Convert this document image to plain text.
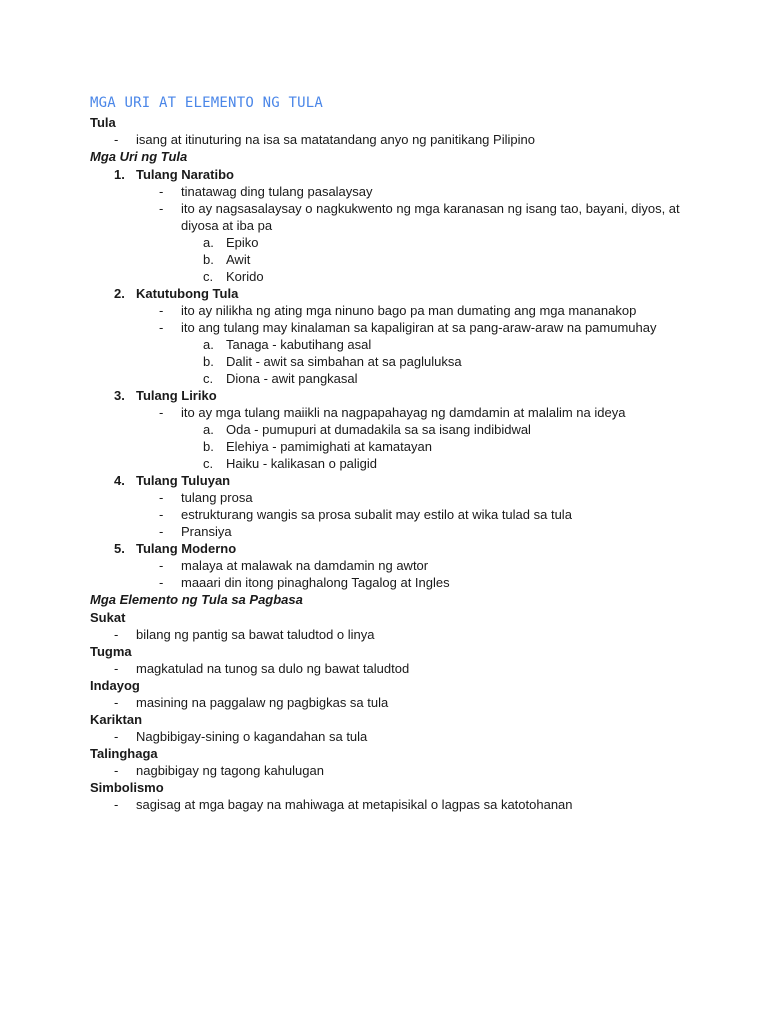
MGA URI AT ELEMENTO NG TULA
Tula
- isang at itinuturing na isa sa matatandang anyo ng panitikang Pilipino
Mga Uri ng Tula
1. Tulang Naratibo
- tinatawag ding tulang pasalaysay
- ito ay nagsasalaysay o nagkukwento ng mga karanasan ng isang tao, bayani, diyos, at
diyosa at iba pa
a. Epiko
b. Awit
c. Korido
2. Katutubong Tula
- ito ay nilikha ng ating mga ninuno bago pa man dumating ang mga mananakop
- ito ang tulang may kinalaman sa kapaligiran at sa pang-araw-araw na pamumuhay
a. Tanaga - kabutihang asal
b. Dalit - awit sa simbahan at sa pagluluksa
c. Diona - awit pangkasal
3. Tulang Liriko
- ito ay mga tulang maiikli na nagpapahayag ng damdamin at malalim na ideya
a. Oda - pumupuri at dumadakila sa sa isang indibidwal
b. Elehiya - pamimighati at kamatayan
c. Haiku - kalikasan o paligid
4. Tulang Tuluyan
- tulang prosa
- estrukturang wangis sa prosa subalit may estilo at wika tulad sa tula
- Pransiya
5. Tulang Moderno
- malaya at malawak na damdamin ng awtor
- maaari din itong pinaghalong Tagalog at Ingles
Mga Elemento ng Tula sa Pagbasa
Sukat
- bilang ng pantig sa bawat taludtod o linya
Tugma
- magkatulad na tunog sa dulo ng bawat taludtod
Indayog
- masining na paggalaw ng pagbigkas sa tula
Kariktan
- Nagbibigay-sining o kagandahan sa tula
Talinghaga
- nagbibigay ng tagong kahulugan
Simbolismo
- sagisag at mga bagay na mahiwaga at metapisikal o lagpas sa katotohanan
